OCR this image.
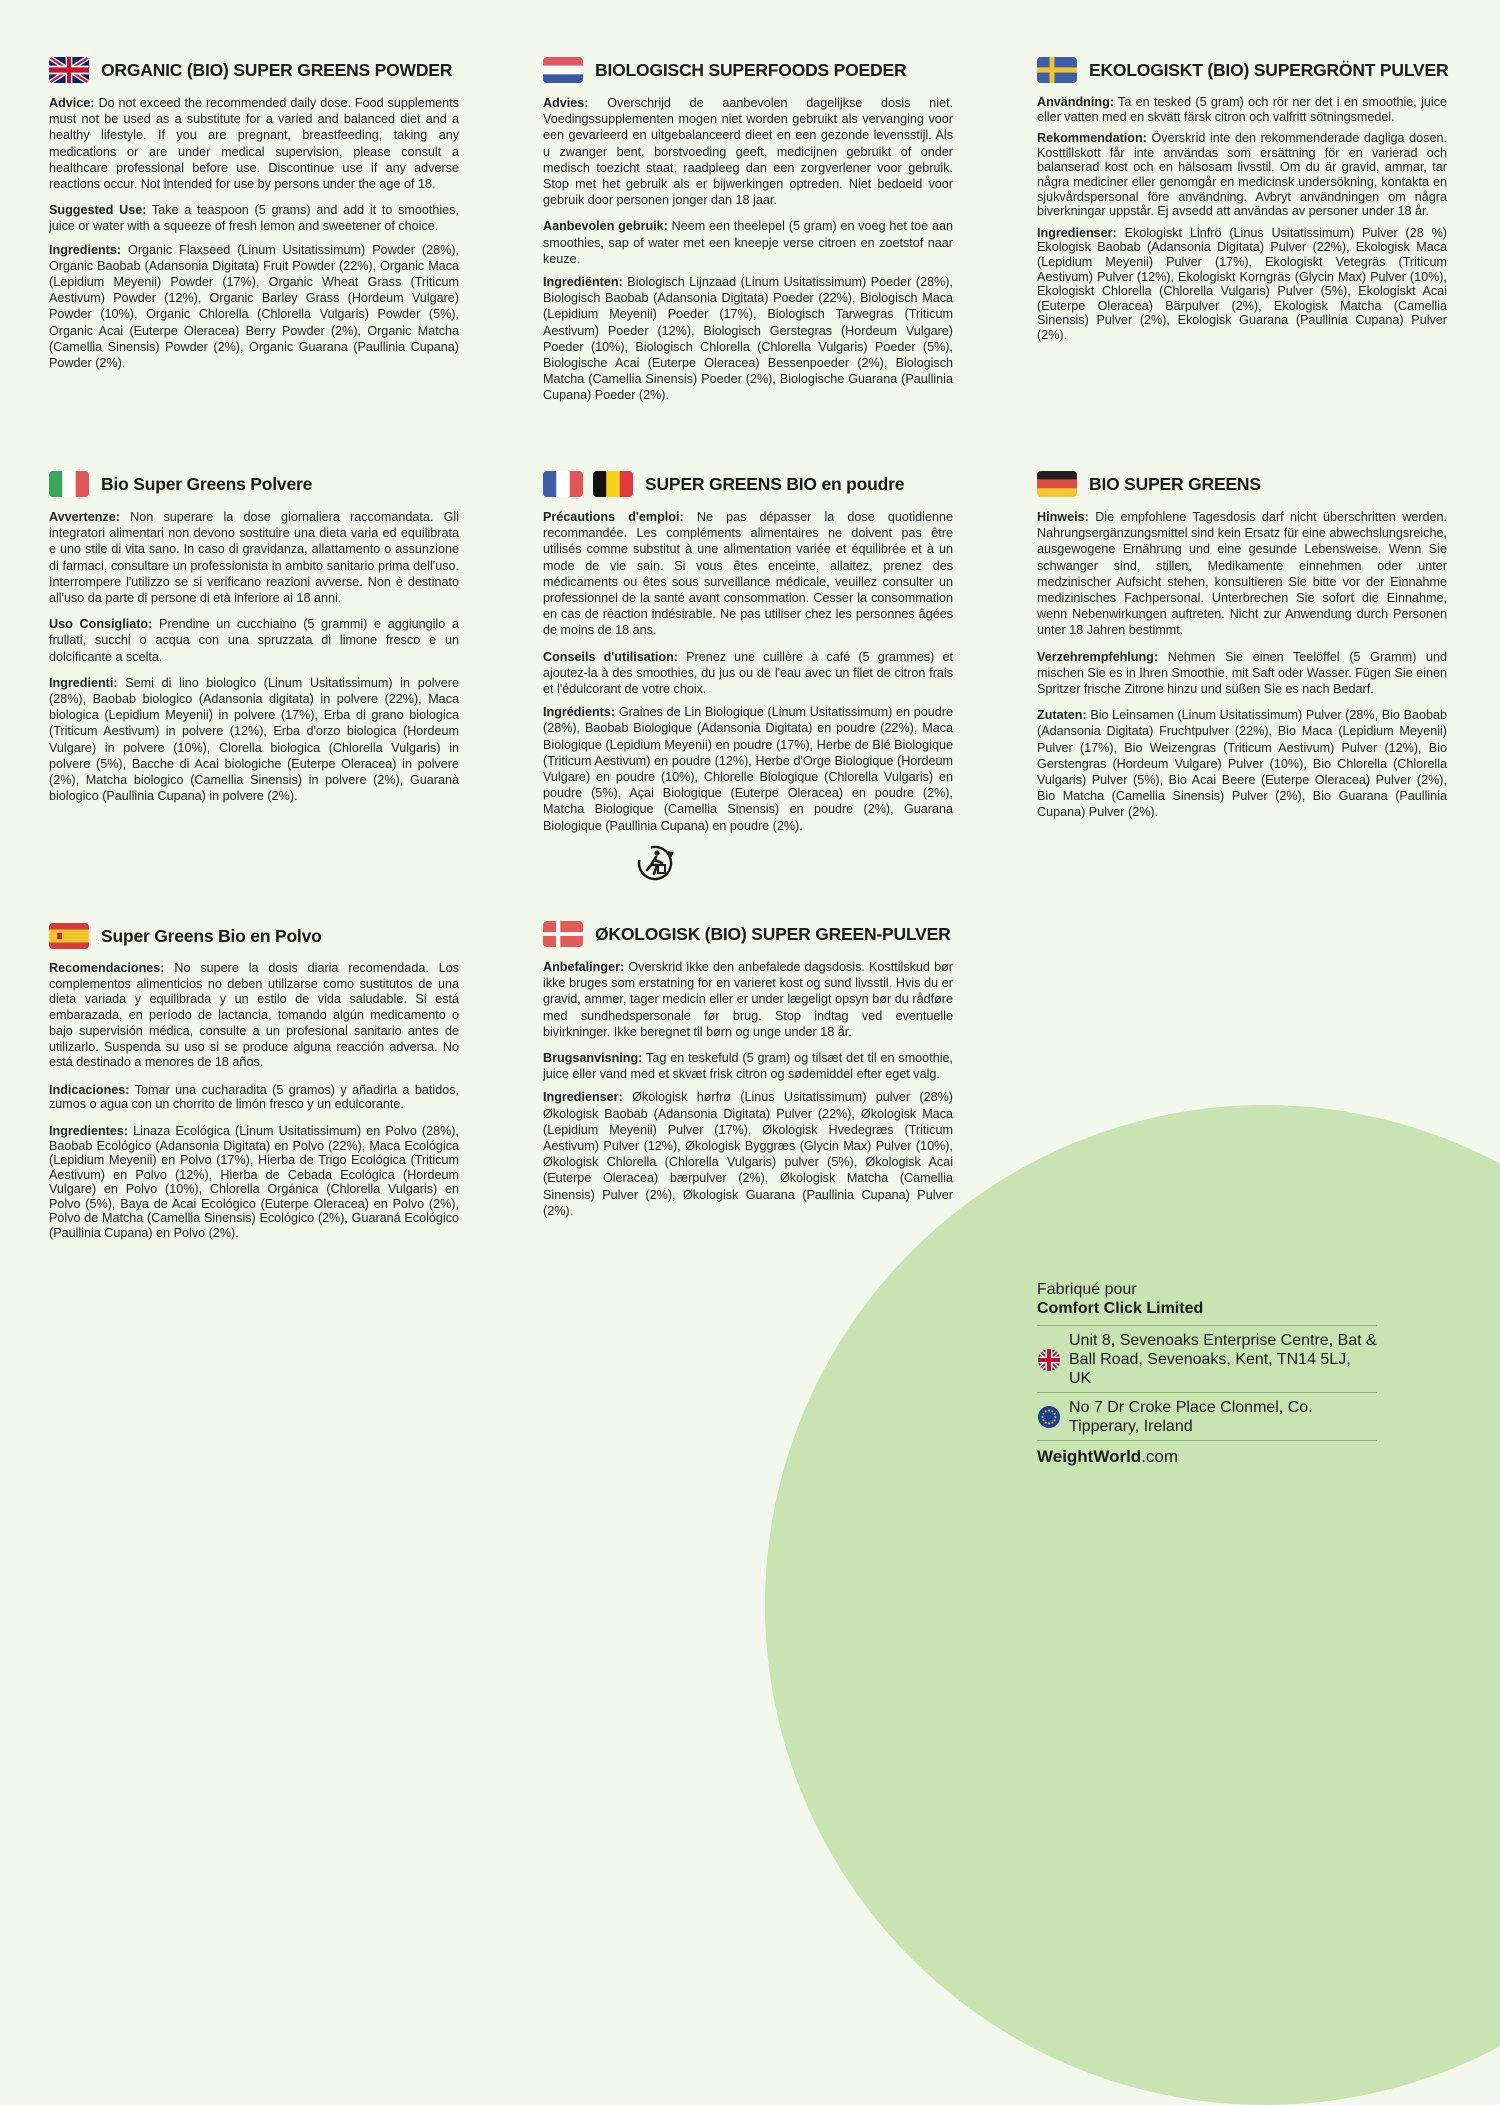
ORGANIC (BIO) SUPER GREENS POWDER

Advice: Do not exceed the recommended daily dose. Food supplements must not be used as a substitute for a varied and balanced diet and a healthy lifestyle. If you are pregnant, breastfeeding, taking any medications or are under medical supervision, please consult a healthcare professional before use. Discontinue use if any adverse reactions occur. Not intended for use by persons under the age of 18.

Suggested Use: Take a teaspoon (5 grams) and add it to smoothies, juice or water with a squeeze of fresh lemon and sweetener of choice.

Ingredients: Organic Flaxseed (Linum Usitatissimum) Powder (28%), Organic Baobab (Adansonia Digitata) Fruit Powder (22%), Organic Maca (Lepidium Meyenii) Powder (17%), Organic Wheat Grass (Triticum Aestivum) Powder (12%), Organic Barley Grass (Hordeum Vulgare) Powder (10%), Organic Chlorella (Chlorella Vulgaris) Powder (5%), Organic Acai (Euterpe Oleracea) Berry Powder (2%), Organic Matcha (Camellia Sinensis) Powder (2%), Organic Guarana (Paullinia Cupana) Powder (2%).

BIOLOGISCH SUPERFOODS POEDER

Advies: Overschrijd de aanbevolen dagelijkse dosis niet. Voedingssupplementen mogen niet worden gebruikt als vervanging voor een gevarieerd en uitgebalanceerd dieet en een gezonde levensstijl. Als u zwanger bent, borstvoeding geeft, medicijnen gebruikt of onder medisch toezicht staat, raadpleeg dan een zorgverlener voor gebruik. Stop met het gebruik als er bijwerkingen optreden. Niet bedoeld voor gebruik door personen jonger dan 18 jaar.

Aanbevolen gebruik: Neem een theelepel (5 gram) en voeg het toe aan smoothies, sap of water met een kneepje verse citroen en zoetstof naar keuze.

Ingrediënten: Biologisch Lijnzaad (Linum Usitatissimum) Poeder (28%), Biologisch Baobab (Adansonia Digitata) Poeder (22%), Biologisch Maca (Lepidium Meyenii) Poeder (17%), Biologisch Tarwegras (Triticum Aestivum) Poeder (12%), Biologisch Gerstegras (Hordeum Vulgare) Poeder (10%), Biologisch Chlorella (Chlorella Vulgaris) Poeder (5%), Biologische Acai (Euterpe Oleracea) Bessenpoeder (2%), Biologisch Matcha (Camellia Sinensis) Poeder (2%), Biologische Guarana (Paullinia Cupana) Poeder (2%).

EKOLOGISKT (BIO) SUPERGRÖNT PULVER

Användning: Ta en tesked (5 gram) och rör ner det i en smoothie, juice eller vatten med en skvätt färsk citron och valfritt sötningsmedel.

Rekommendation: Överskrid inte den rekommenderade dagliga dosen. Kosttillskott får inte användas som ersättning för en varierad och balanserad kost och en hälsosam livsstil. Om du är gravid, ammar, tar några mediciner eller genomgår en medicinsk undersökning, kontakta en sjukvårdspersonal före användning. Avbryt användningen om några biverkningar uppstår. Ej avsedd att användas av personer under 18 år.

Ingredienser: Ekologiskt Linfrö (Linus Usitatissimum) Pulver (28 %) Ekologisk Baobab (Adansonia Digitata) Pulver (22%), Ekologisk Maca (Lepidium Meyenii) Pulver (17%), Ekologiskt Vetegräs (Triticum Aestivum) Pulver (12%), Ekologiskt Korngräs (Glycin Max) Pulver (10%), Ekologiskt Chlorella (Chlorella Vulgaris) Pulver (5%), Ekologiskt Acai (Euterpe Oleracea) Bärpulver (2%), Ekologisk Matcha (Camellia Sinensis) Pulver (2%), Ekologisk Guarana (Paullinia Cupana) Pulver (2%).

Bio Super Greens Polvere

Avvertenze: Non superare la dose giornaliera raccomandata. Gli integratori alimentari non devono sostituire una dieta varia ed equilibrata e uno stile di vita sano. In caso di gravidanza, allattamento o assunzione di farmaci, consultare un professionista in ambito sanitario prima dell'uso. Interrompere l'utilizzo se si verificano reazioni avverse. Non è destinato all'uso da parte di persone di età inferiore ai 18 anni.

Uso Consigliato: Prendine un cucchiaino (5 grammi) e aggiungilo a frullati, succhi o acqua con una spruzzata di limone fresco e un dolcificante a scelta.

Ingredienti: Semi di lino biologico (Linum Usitatissimum) in polvere (28%), Baobab biologico (Adansonia digitata) in polvere (22%), Maca biologica (Lepidium Meyenii) in polvere (17%), Erba di grano biologica (Triticum Aestivum) in polvere (12%), Erba d'orzo biologica (Hordeum Vulgare) in polvere (10%), Clorella biologica (Chlorella Vulgaris) in polvere (5%), Bacche di Acai biologiche (Euterpe Oleracea) in polvere (2%), Matcha biologico (Camellia Sinensis) in polvere (2%), Guaranà biologico (Paullinia Cupana) in polvere (2%).

SUPER GREENS BIO en poudre

Précautions d'emploi: Ne pas dépasser la dose quotidienne recommandée. Les compléments alimentaires ne doivent pas être utilisés comme substitut à une alimentation variée et équilibrée et à un mode de vie sain. Si vous êtes enceinte, allaitez, prenez des médicaments ou êtes sous surveillance médicale, veuillez consulter un professionnel de la santé avant consommation. Cesser la consommation en cas de réaction indésirable. Ne pas utiliser chez les personnes âgées de moins de 18 ans.

Conseils d'utilisation: Prenez une cuillère à café (5 grammes) et ajoutez-la à des smoothies, du jus ou de l'eau avec un filet de citron frais et l'édulcorant de votre choix.

Ingrédients: Graines de Lin Biologique (Linum Usitatissimum) en poudre (28%), Baobab Biologique (Adansonia Digitata) en poudre (22%), Maca Biologique (Lepidium Meyenii) en poudre (17%), Herbe de Blé Biologique (Triticum Aestivum) en poudre (12%), Herbe d'Orge Biologique (Hordeum Vulgare) en poudre (10%), Chlorelle Biologique (Chlorella Vulgaris) en poudre (5%), Açai Biologique (Euterpe Oleracea) en poudre (2%), Matcha Biologique (Camellia Sinensis) en poudre (2%), Guarana Biologique (Paullinia Cupana) en poudre (2%).

BIO SUPER GREENS

Hinweis: Die empfohlene Tagesdosis darf nicht überschritten werden. Nahrungsergänzungsmittel sind kein Ersatz für eine abwechslungsreiche, ausgewogene Ernährung und eine gesunde Lebensweise. Wenn Sie schwanger sind, stillen, Medikamente einnehmen oder unter medzinischer Aufsicht stehen, konsultieren Sie bitte vor der Einnahme medizinisches Fachpersonal. Unterbrechen Sie sofort die Einnahme, wenn Nebenwirkungen auftreten. Nicht zur Anwendung durch Personen unter 18 Jahren bestimmt.

Verzehrempfehlung: Nehmen Sie einen Teelöffel (5 Gramm) und mischen Sie es in Ihren Smoothie, mit Saft oder Wasser. Fügen Sie einen Spritzer frische Zitrone hinzu und süßen Sie es nach Bedarf.

Zutaten: Bio Leinsamen (Linum Usitatissimum) Pulver (28%, Bio Baobab (Adansonia Digitata) Fruchtpulver (22%), Bio Maca (Lepidium Meyenii) Pulver (17%), Bio Weizengras (Triticum Aestivum) Pulver (12%), Bio Gerstengras (Hordeum Vulgare) Pulver (10%), Bio Chlorella (Chlorella Vulgaris) Pulver (5%), Bio Acai Beere (Euterpe Oleracea) Pulver (2%), Bio Matcha (Camellia Sinensis) Pulver (2%), Bio Guarana (Paullinia Cupana) Pulver (2%).

Super Greens Bio en Polvo

Recomendaciones: No supere la dosis diaria recomendada. Los complementos alimenticios no deben utilizarse como sustitutos de una dieta variada y equilibrada y un estilo de vida saludable. Si está embarazada, en período de lactancia, tomando algún medicamento o bajo supervisión médica, consulte a un profesional sanitario antes de utilizarlo. Suspenda su uso si se produce alguna reacción adversa. No está destinado a menores de 18 años.

Indicaciones: Tomar una cucharadita (5 gramos) y añadirla a batidos, zumos o agua con un chorrito de limón fresco y un edulcorante.

Ingredientes: Linaza Ecológica (Linum Usitatissimum) en Polvo (28%), Baobab Ecológico (Adansonia Digitata) en Polvo (22%), Maca Ecológica (Lepidium Meyenii) en Polvo (17%), Hierba de Trigo Ecológica (Triticum Aestivum) en Polvo (12%), Hierba de Cebada Ecológica (Hordeum Vulgare) en Polvo (10%), Chlorella Orgánica (Chlorella Vulgaris) en Polvo (5%), Baya de Acai Ecológico (Euterpe Oleracea) en Polvo (2%), Polvo de Matcha (Camellia Sinensis) Ecológico (2%), Guaraná Ecológico (Paullinia Cupana) en Polvo (2%).

ØKOLOGISK (BIO) SUPER GREEN-PULVER

Anbefalinger: Overskrid ikke den anbefalede dagsdosis. Kosttilskud bør ikke bruges som erstatning for en varieret kost og sund livsstil. Hvis du er gravid, ammer, tager medicin eller er under lægeligt opsyn bør du rådføre med sundhedspersonale før brug. Stop indtag ved eventuelle bivirkninger. Ikke beregnet til børn og unge under 18 år.

Brugsanvisning: Tag en teskefuld (5 gram) og tilsæt det til en smoothie, juice eller vand med et skvæt frisk citron og sødemiddel efter eget valg.

Ingredienser: Økologisk hørfrø (Linus Usitatissimum) pulver (28%) Økologisk Baobab (Adansonia Digitata) Pulver (22%), Økologisk Maca (Lepidium Meyenii) Pulver (17%), Økologisk Hvedegræs (Triticum Aestivum) Pulver (12%), Økologisk Byggræs (Glycin Max) Pulver (10%), Økologisk Chlorella (Chlorella Vulgaris) pulver (5%), Økologisk Acai (Euterpe Oleracea) bærpulver (2%), Økologisk Matcha (Camellia Sinensis) Pulver (2%), Økologisk Guarana (Paullinia Cupana) Pulver (2%).

Fabriqué pour
Comfort Click Limited
Unit 8, Sevenoaks Enterprise Centre, Bat & Ball Road, Sevenoaks, Kent, TN14 5LJ, UK
No 7 Dr Croke Place Clonmel, Co. Tipperary, Ireland
WeightWorld.com
